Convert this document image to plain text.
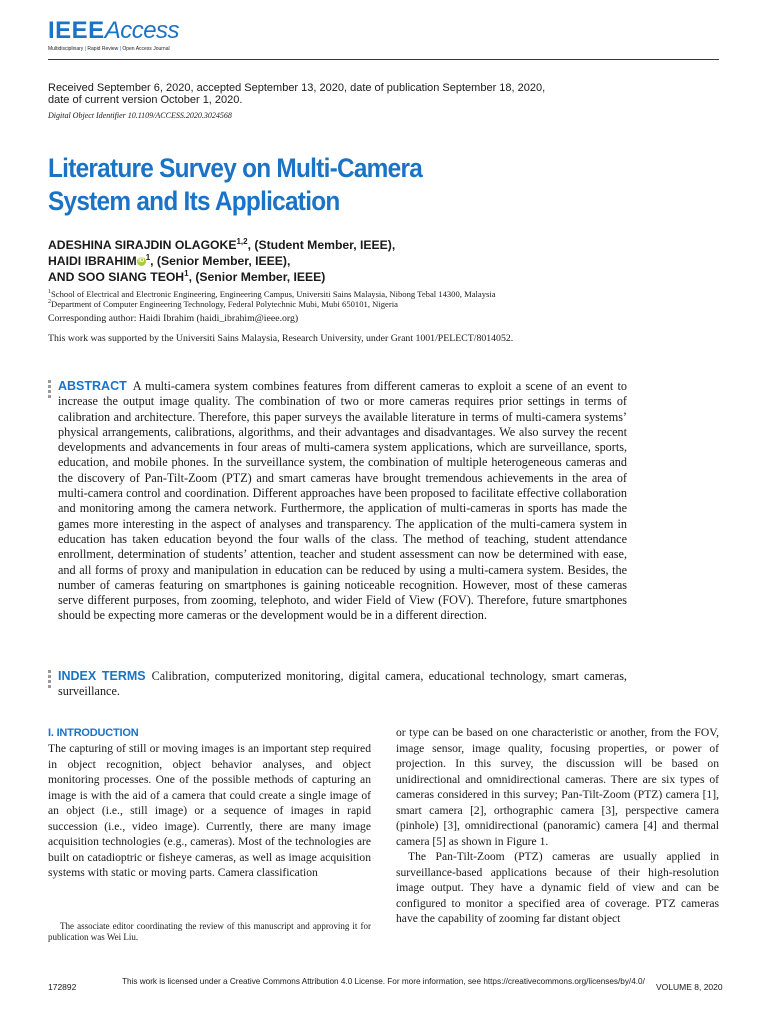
IEEEAccess
Multidisciplinary | Rapid Review | Open Access Journal
Received September 6, 2020, accepted September 13, 2020, date of publication September 18, 2020,
date of current version October 1, 2020.
Digital Object Identifier 10.1109/ACCESS.2020.3024568
Literature Survey on Multi-Camera
System and Its Application
ADESHINA SIRAJDIN OLAGOKE$^{1,2}$, (Student Member, IEEE),
HAIDI IBRAHIM iD $^1$, (Senior Member, IEEE),
AND SOO SIANG TEOH$^1$, (Senior Member, IEEE)
$^1$School of Electrical and Electronic Engineering, Engineering Campus, Universiti Sains Malaysia, Nibong Tebal 14300, Malaysia
$^2$Department of Computer Engineering Technology, Federal Polytechnic Mubi, Mubi 650101, Nigeria
Corresponding author: Haidi Ibrahim (haidi_ibrahim@ieee.org)
This work was supported by the Universiti Sains Malaysia, Research University, under Grant 1001/PELECT/8014052.
ABSTRACT A multi-camera system combines features from different cameras to exploit a scene of an event to increase the output image quality. The combination of two or more cameras requires prior settings in terms of calibration and architecture. Therefore, this paper surveys the available literature in terms of multi-camera systems’ physical arrangements, calibrations, algorithms, and their advantages and disadvantages. We also survey the recent developments and advancements in four areas of multi-camera system applications, which are surveillance, sports, education, and mobile phones. In the surveillance system, the combination of multiple heterogeneous cameras and the discovery of Pan-Tilt-Zoom (PTZ) and smart cameras have brought tremendous achievements in the area of multi-camera control and coordination. Different approaches have been proposed to facilitate effective collaboration and monitoring among the camera network. Furthermore, the application of multi-cameras in sports has made the games more interesting in the aspect of analyses and transparency. The application of the multi-camera system in education has taken education beyond the four walls of the class. The method of teaching, student attendance enrollment, determination of students’ attention, teacher and student assessment can now be determined with ease, and all forms of proxy and manipulation in education can be reduced by using a multi-camera system. Besides, the number of cameras featuring on smartphones is gaining noticeable recognition. However, most of these cameras serve different purposes, from zooming, telephoto, and wider Field of View (FOV). Therefore, future smartphones should be expecting more cameras or the development would be in a different direction.
INDEX TERMS Calibration, computerized monitoring, digital camera, educational technology, smart cameras, surveillance.
I. INTRODUCTION

The capturing of still or moving images is an important step required in object recognition, object behavior analyses, and object monitoring processes. One of the possible methods of capturing an image is with the aid of a camera that could create a single image of an object (i.e., still image) or a sequence of images in rapid succession (i.e., video image). Currently, there are many image acquisition technologies (e.g., cameras). Most of the technologies are built on catadioptric or fisheye cameras, as well as image acquisition systems with static or moving parts. Camera classification

or type can be based on one characteristic or another, from the FOV, image sensor, image quality, focusing properties, or power of projection. In this survey, the discussion will be based on unidirectional and omnidirectional cameras. There are six types of cameras considered in this survey; Pan-Tilt-Zoom (PTZ) camera [1], smart camera [2], orthographic camera [3], perspective camera (pinhole) [3], omnidirectional (panoramic) camera [4] and thermal camera [5] as shown in Figure 1.

The Pan-Tilt-Zoom (PTZ) cameras are usually applied in surveillance-based applications because of their high-resolution image output. They have a dynamic field of view and can be configured to monitor a specified area of coverage. PTZ cameras have the capability of zooming far distant object

The associate editor coordinating the review of this manuscript and approving it for publication was Wei Liu.
172892
This work is licensed under a Creative Commons Attribution 4.0 License. For more information, see https://creativecommons.org/licenses/by/4.0/
VOLUME 8, 2020
